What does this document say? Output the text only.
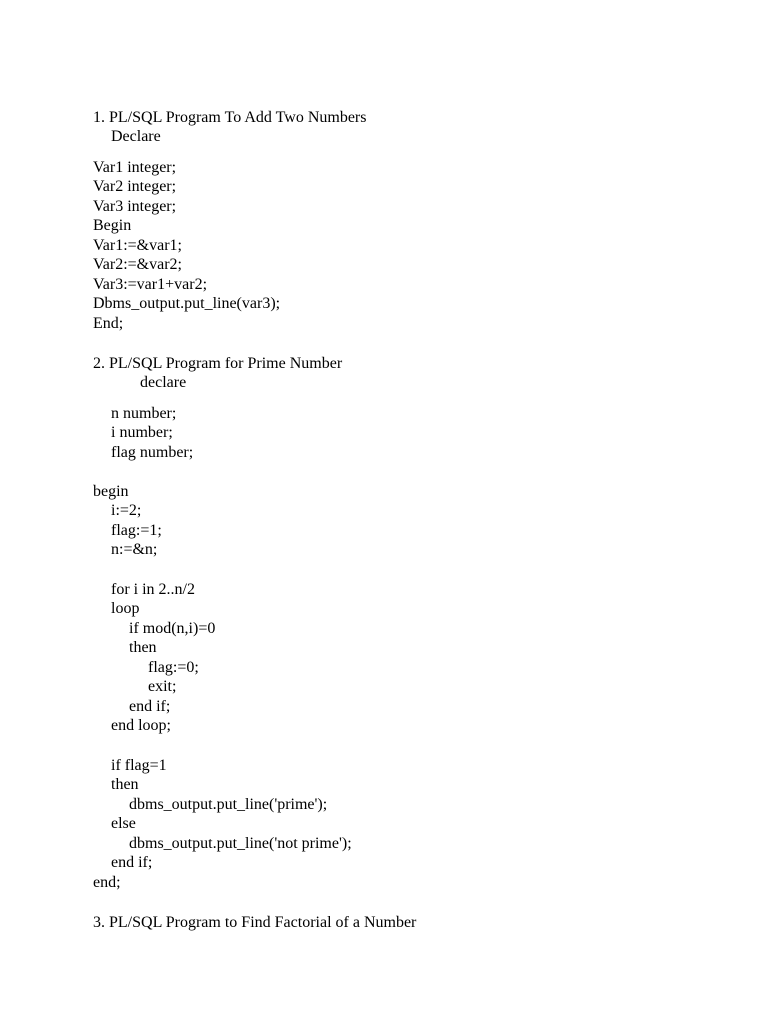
1. PL/SQL Program To Add Two Numbers
Declare
Var1 integer;
Var2 integer;
Var3 integer;
Begin
Var1:=&var1;
Var2:=&var2;
Var3:=var1+var2;
Dbms_output.put_line(var3);
End;
2. PL/SQL Program for Prime Number
declare
n number;
i number;
flag number;
begin
i:=2;
flag:=1;
n:=&n;
for i in 2..n/2
loop
if mod(n,i)=0
then
flag:=0;
exit;
end if;
end loop;
if flag=1
then
dbms_output.put_line('prime');
else
dbms_output.put_line('not prime');
end if;
end;
3. PL/SQL Program to Find Factorial of a Number
